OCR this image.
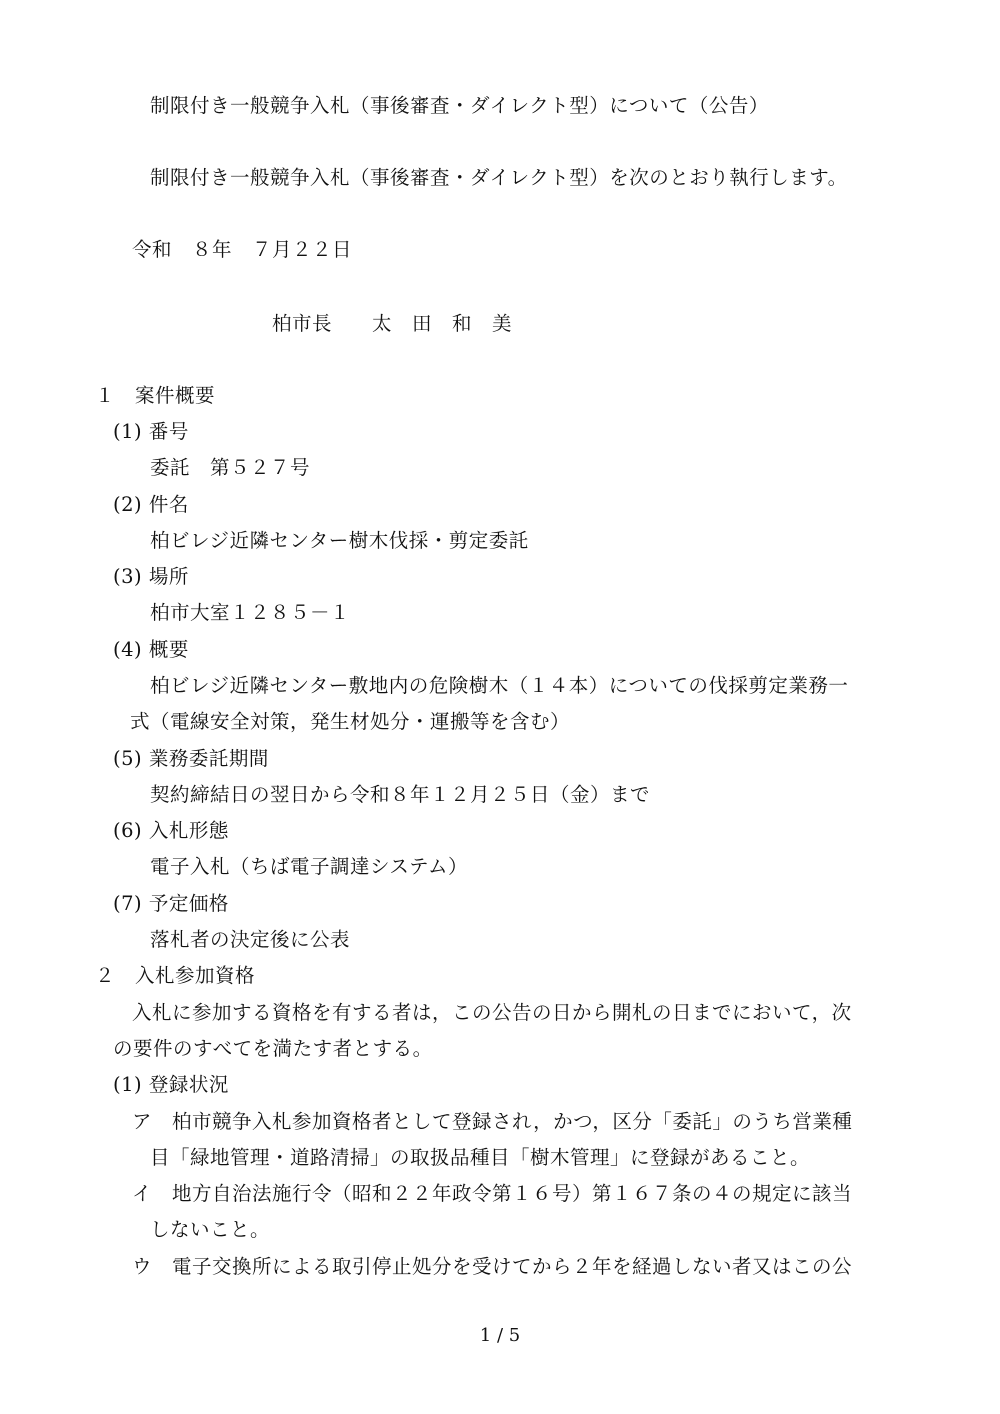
制限付き一般競争入札（事後審査・ダイレクト型）について（公告）
制限付き一般競争入札（事後審査・ダイレクト型）を次のとおり執行します。
令和　８年　７月２２日
柏市長　　太　田　和　美
１　案件概要
(1) 番号
委託　第５２７号
(2) 件名
柏ビレジ近隣センター樹木伐採・剪定委託
(3) 場所
柏市大室１２８５－１
(4) 概要
柏ビレジ近隣センター敷地内の危険樹木（１４本）についての伐採剪定業務一
式（電線安全対策，発生材処分・運搬等を含む）
(5) 業務委託期間
契約締結日の翌日から令和８年１２月２５日（金）まで
(6) 入札形態
電子入札（ちば電子調達システム）
(7) 予定価格
落札者の決定後に公表
２　入札参加資格
入札に参加する資格を有する者は，この公告の日から開札の日までにおいて，次
の要件のすべてを満たす者とする。
(1) 登録状況
ア　柏市競争入札参加資格者として登録され，かつ，区分「委託」のうち営業種
目「緑地管理・道路清掃」の取扱品種目「樹木管理」に登録があること。
イ　地方自治法施行令（昭和２２年政令第１６号）第１６７条の４の規定に該当
しないこと。
ウ　電子交換所による取引停止処分を受けてから２年を経過しない者又はこの公
1 / 5
